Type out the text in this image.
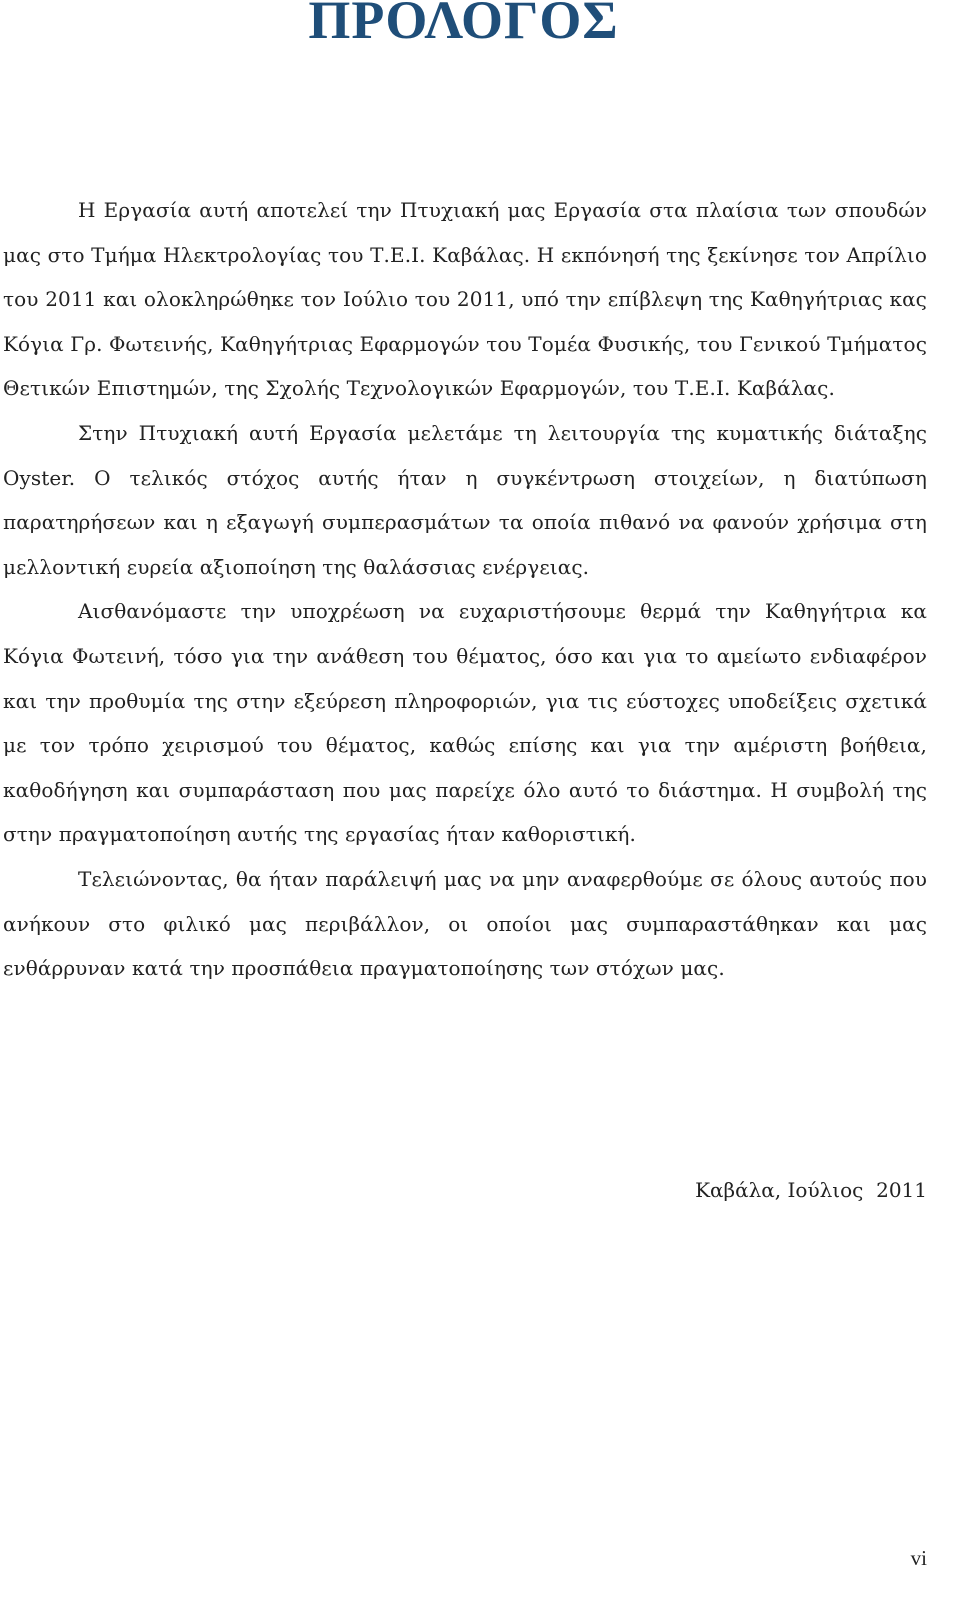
ΠΡΟΛΟΓΟΣ

Η Εργασία αυτή αποτελεί την Πτυχιακή μας Εργασία στα πλαίσια των σπουδών μας στο Τμήμα Ηλεκτρολογίας του Τ.Ε.Ι. Καβάλας. Η εκπόνησή της ξεκίνησε τον Απρίλιο του 2011 και ολοκληρώθηκε τον Ιούλιο του 2011, υπό την επίβλεψη της Καθηγήτριας κας Κόγια Γρ. Φωτεινής, Καθηγήτριας Εφαρμογών του Τομέα Φυσικής, του Γενικού Τμήματος Θετικών Επιστημών, της Σχολής Τεχνολογικών Εφαρμογών, του Τ.Ε.Ι. Καβάλας.

Στην Πτυχιακή αυτή Εργασία μελετάμε τη λειτουργία της κυματικής διάταξης Oyster. Ο τελικός στόχος αυτής ήταν η συγκέντρωση στοιχείων, η διατύπωση παρατηρήσεων και η εξαγωγή συμπερασμάτων τα οποία πιθανό να φανούν χρήσιμα στη μελλοντική ευρεία αξιοποίηση της θαλάσσιας ενέργειας.

Αισθανόμαστε την υποχρέωση να ευχαριστήσουμε θερμά την Καθηγήτρια κα Κόγια Φωτεινή, τόσο για την ανάθεση του θέματος, όσο και για το αμείωτο ενδιαφέρον και την προθυμία της στην εξεύρεση πληροφοριών, για τις εύστοχες υποδείξεις σχετικά με τον τρόπο χειρισμού του θέματος, καθώς επίσης και για την αμέριστη βοήθεια, καθοδήγηση και συμπαράσταση που μας παρείχε όλο αυτό το διάστημα. Η συμβολή της στην πραγματοποίηση αυτής της εργασίας ήταν καθοριστική.

Τελειώνοντας, θα ήταν παράλειψή μας να μην αναφερθούμε σε όλους αυτούς που ανήκουν στο φιλικό μας περιβάλλον, οι οποίοι μας συμπαραστάθηκαν και μας ενθάρρυναν κατά την προσπάθεια πραγματοποίησης των στόχων μας.

Καβάλα, Ιούλιος  2011
vi
